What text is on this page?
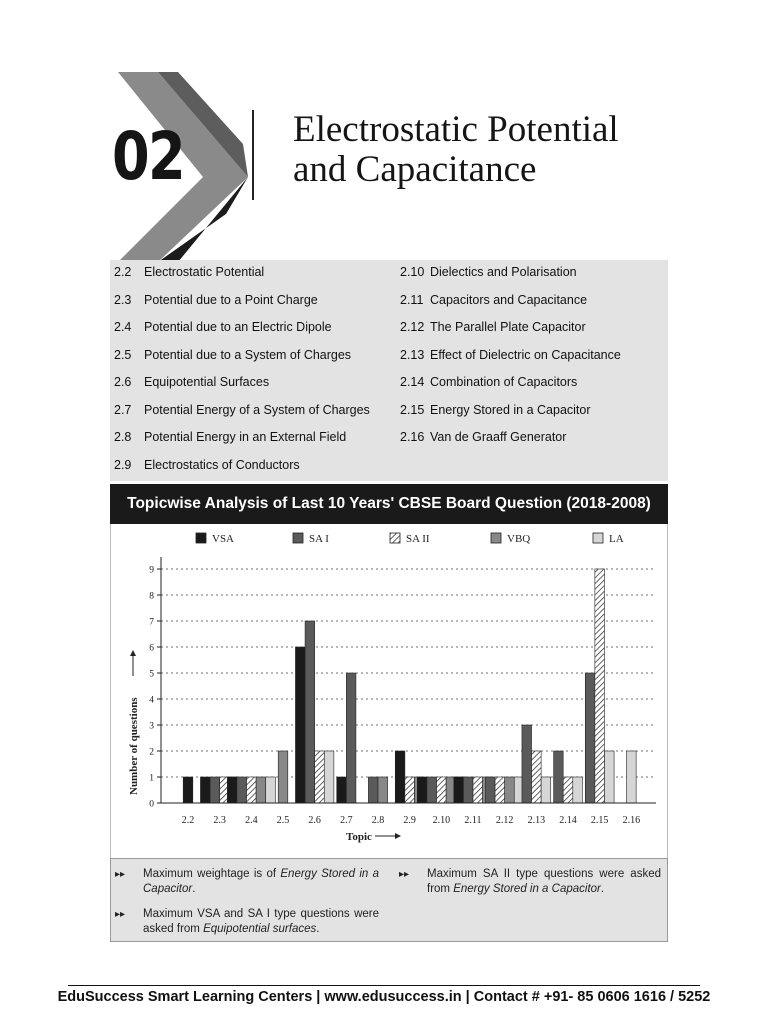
02	Electrostatic Potential
and Capacitance
2.2	Electrostatic Potential
2.3	Potential due to a Point Charge
2.4	Potential due to an Electric Dipole
2.5	Potential due to a System of Charges
2.6	Equipotential Surfaces
2.7	Potential Energy of a System of Charges
2.8	Potential Energy in an External Field
2.9	Electrostatics of Conductors
2.10 Dielectics and Polarisation
2.11 Capacitors and Capacitance
2.12 The Parallel Plate Capacitor
2.13 Effect of Dielectric on Capacitance
2.14 Combination of Capacitors
2.15 Energy Stored in a Capacitor
2.16 Van de Graaff Generator
Topicwise Analysis of Last 10 Years' CBSE Board Question (2018-2008)
VSA	SA I	SA II	VBQ	LA
0
1
2
3
4
5
6
7
8
9
2.2 2.3 2.4 2.5 2.6 2.7 2.8 2.9 2.10 2.11 2.12 2.13 2.14 2.15 2.16
Topic
Number of questions
▸▸ Maximum weightage is of Energy Stored in a Capacitor.
▸▸ Maximum VSA and SA I type questions were asked from Equipotential surfaces.
▸▸ Maximum SA II type questions were asked from Energy Stored in a Capacitor.
EduSuccess Smart Learning Centers | www.edusuccess.in | Contact # +91- 85 0606 1616 / 5252
